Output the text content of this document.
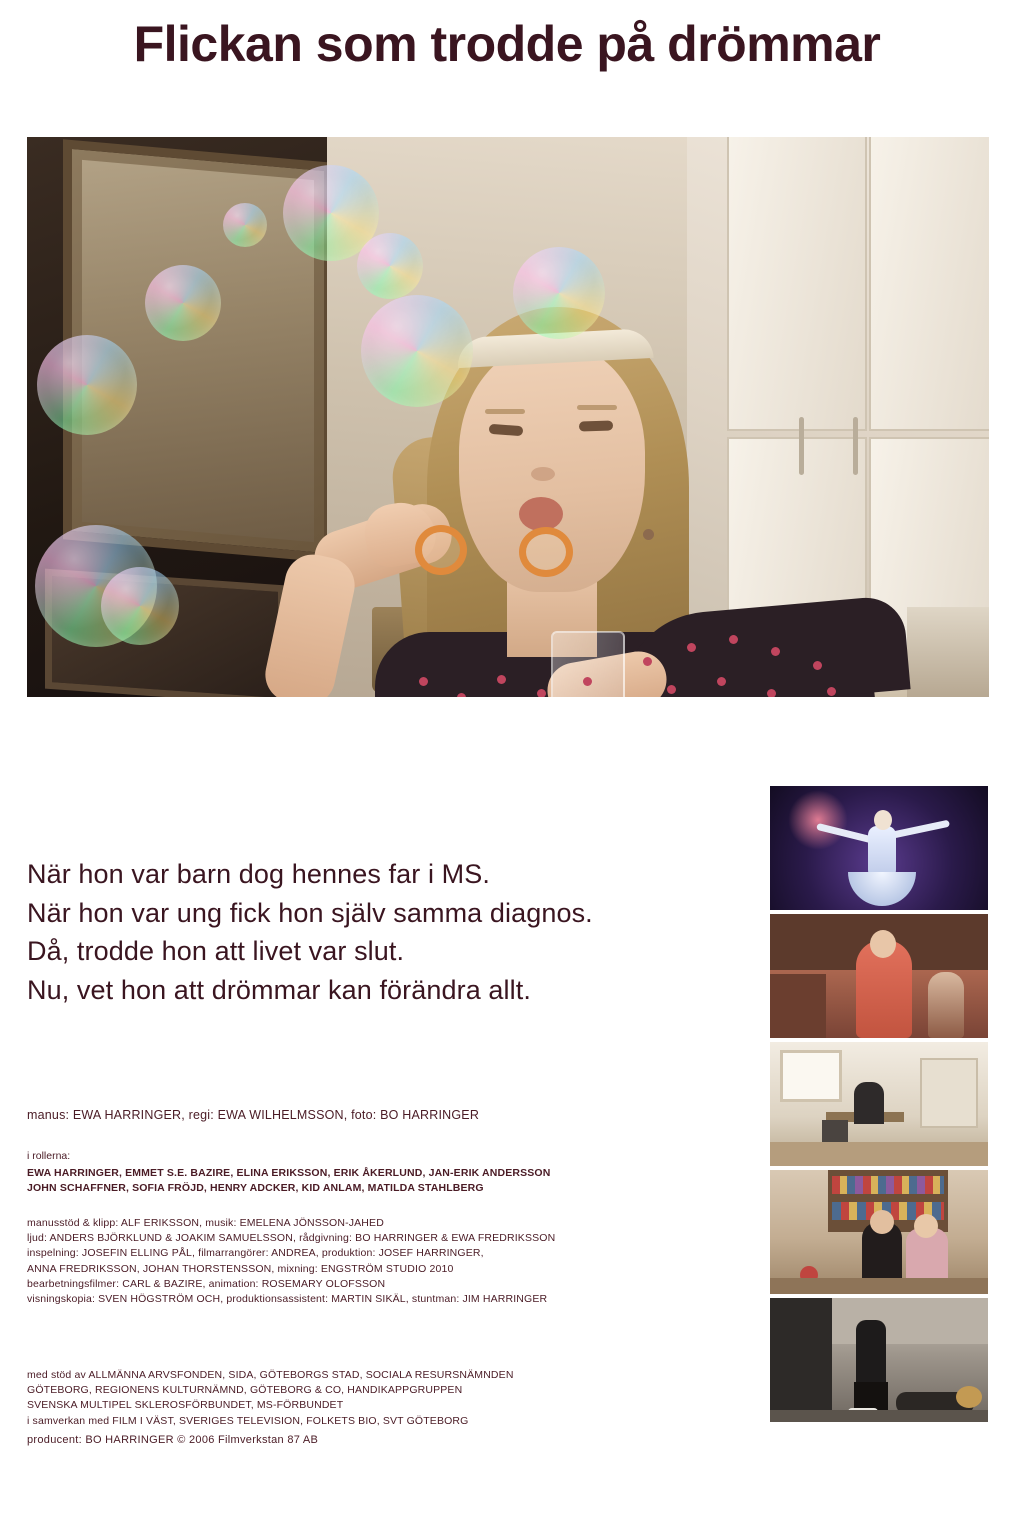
Flickan som trodde på drömmar
När hon var barn dog hennes far i MS.
När hon var ung fick hon själv samma diagnos.
Då, trodde hon att livet var slut.
Nu, vet hon att drömmar kan förändra allt.
manus: EWA HARRINGER, regi: EWA WILHELMSSON, foto: BO HARRINGER
i rollerna:
EWA HARRINGER, EMMET S.E. BAZIRE, ELINA ERIKSSON, ERIK ÅKERLUND, JAN-ERIK ANDERSSON
JOHN SCHAFFNER, SOFIA FRÖJD, HENRY ADCKER, KID ANLAM, MATILDA STAHLBERG
manusstöd & klipp: ALF ERIKSSON, musik: EMELENA JÖNSSON-JAHED
ljud: ANDERS BJÖRKLUND & JOAKIM SAMUELSSON, rådgivning: BO HARRINGER & EWA FREDRIKSSON
inspelning: JOSEFIN ELLING PÅL, filmarrangörer: ANDREA, produktion: JOSEF HARRINGER,
ANNA FREDRIKSSON, JOHAN THORSTENSSON, mixning: ENGSTRÖM STUDIO 2010
bearbetningsfilmer: CARL & BAZIRE, animation: ROSEMARY OLOFSSON
visningskopia: SVEN HÖGSTRÖM OCH, produktionsassistent: MARTIN SIKÄL, stuntman: JIM HARRINGER
med stöd av ALLMÄNNA ARVSFONDEN, SIDA, GÖTEBORGS STAD, SOCIALA RESURSNÄMNDEN
GÖTEBORG, REGIONENS KULTURNÄMND, GÖTEBORG & CO, HANDIKAPPGRUPPEN
SVENSKA MULTIPEL SKLEROSFÖRBUNDET, MS-FÖRBUNDET
i samverkan med FILM I VÄST, SVERIGES TELEVISION, FOLKETS BIO, SVT GÖTEBORG
producent: BO HARRINGER © 2006 Filmverkstan 87 AB
